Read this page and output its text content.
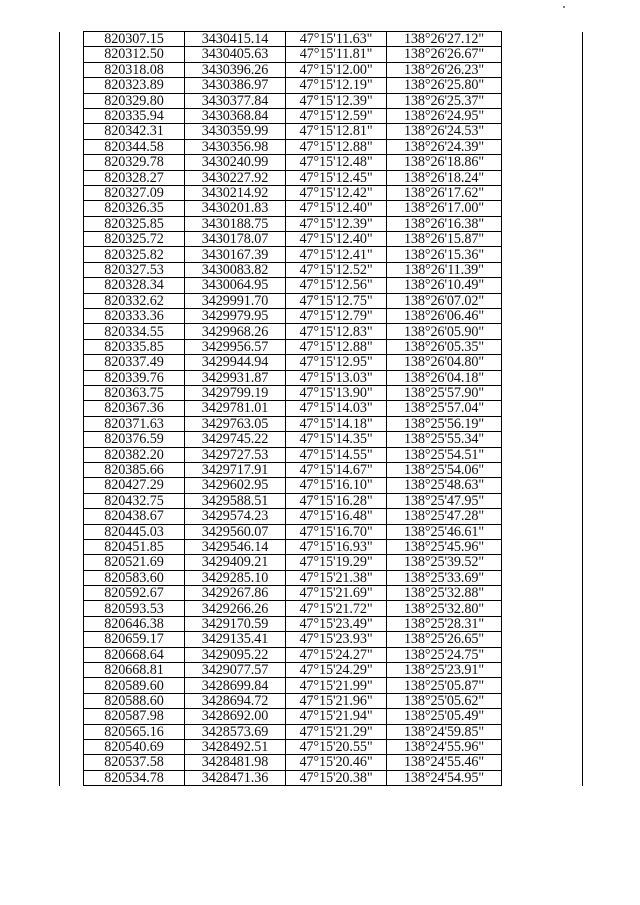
	820307.15	3430415.14	47°15'11.63"	138°26'27.12"	
	820312.50	3430405.63	47°15'11.81"	138°26'26.67"	
	820318.08	3430396.26	47°15'12.00"	138°26'26.23"	
	820323.89	3430386.97	47°15'12.19"	138°26'25.80"	
	820329.80	3430377.84	47°15'12.39"	138°26'25.37"	
	820335.94	3430368.84	47°15'12.59"	138°26'24.95"	
	820342.31	3430359.99	47°15'12.81"	138°26'24.53"	
	820344.58	3430356.98	47°15'12.88"	138°26'24.39"	
	820329.78	3430240.99	47°15'12.48"	138°26'18.86"	
	820328.27	3430227.92	47°15'12.45"	138°26'18.24"	
	820327.09	3430214.92	47°15'12.42"	138°26'17.62"	
	820326.35	3430201.83	47°15'12.40"	138°26'17.00"	
	820325.85	3430188.75	47°15'12.39"	138°26'16.38"	
	820325.72	3430178.07	47°15'12.40"	138°26'15.87"	
	820325.82	3430167.39	47°15'12.41"	138°26'15.36"	
	820327.53	3430083.82	47°15'12.52"	138°26'11.39"	
	820328.34	3430064.95	47°15'12.56"	138°26'10.49"	
	820332.62	3429991.70	47°15'12.75"	138°26'07.02"	
	820333.36	3429979.95	47°15'12.79"	138°26'06.46"	
	820334.55	3429968.26	47°15'12.83"	138°26'05.90"	
	820335.85	3429956.57	47°15'12.88"	138°26'05.35"	
	820337.49	3429944.94	47°15'12.95"	138°26'04.80"	
	820339.76	3429931.87	47°15'13.03"	138°26'04.18"	
	820363.75	3429799.19	47°15'13.90"	138°25'57.90"	
	820367.36	3429781.01	47°15'14.03"	138°25'57.04"	
	820371.63	3429763.05	47°15'14.18"	138°25'56.19"	
	820376.59	3429745.22	47°15'14.35"	138°25'55.34"	
	820382.20	3429727.53	47°15'14.55"	138°25'54.51"	
	820385.66	3429717.91	47°15'14.67"	138°25'54.06"	
	820427.29	3429602.95	47°15'16.10"	138°25'48.63"	
	820432.75	3429588.51	47°15'16.28"	138°25'47.95"	
	820438.67	3429574.23	47°15'16.48"	138°25'47.28"	
	820445.03	3429560.07	47°15'16.70"	138°25'46.61"	
	820451.85	3429546.14	47°15'16.93"	138°25'45.96"	
	820521.69	3429409.21	47°15'19.29"	138°25'39.52"	
	820583.60	3429285.10	47°15'21.38"	138°25'33.69"	
	820592.67	3429267.86	47°15'21.69"	138°25'32.88"	
	820593.53	3429266.26	47°15'21.72"	138°25'32.80"	
	820646.38	3429170.59	47°15'23.49"	138°25'28.31"	
	820659.17	3429135.41	47°15'23.93"	138°25'26.65"	
	820668.64	3429095.22	47°15'24.27"	138°25'24.75"	
	820668.81	3429077.57	47°15'24.29"	138°25'23.91"	
	820589.60	3428699.84	47°15'21.99"	138°25'05.87"	
	820588.60	3428694.72	47°15'21.96"	138°25'05.62"	
	820587.98	3428692.00	47°15'21.94"	138°25'05.49"	
	820565.16	3428573.69	47°15'21.29"	138°24'59.85"	
	820540.69	3428492.51	47°15'20.55"	138°24'55.96"	
	820537.58	3428481.98	47°15'20.46"	138°24'55.46"	
	820534.78	3428471.36	47°15'20.38"	138°24'54.95"	
